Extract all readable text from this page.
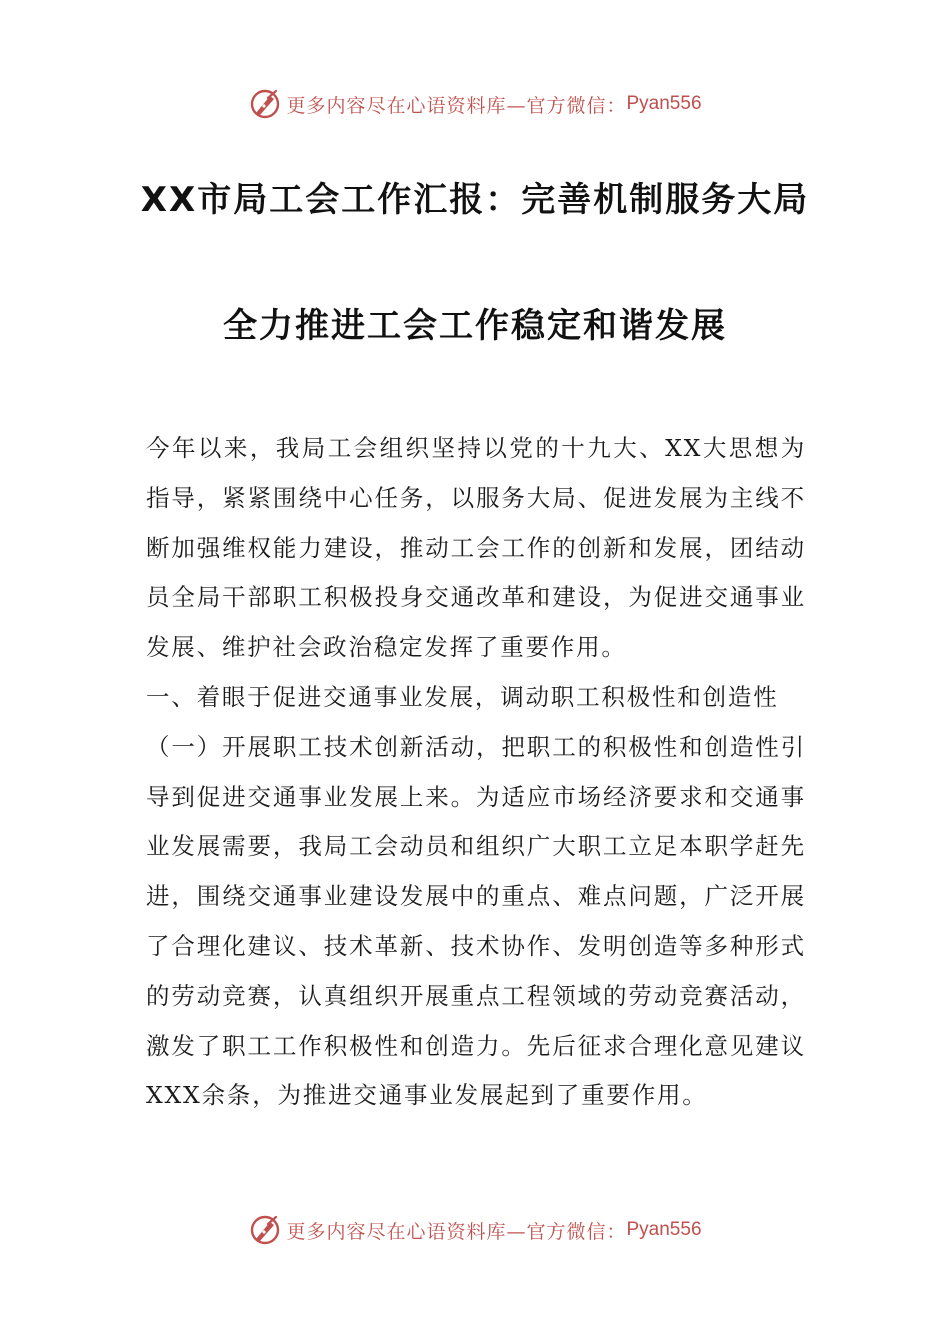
更多内容尽在心语资料库—官方微信： Pyan556
XX市局工会工作汇报：完善机制服务大局
全力推进工会工作稳定和谐发展

今年以来，我局工会组织坚持以党的十九大、XX大思想为指导，紧紧围绕中心任务，以服务大局、促进发展为主线不断加强维权能力建设，推动工会工作的创新和发展，团结动员全局干部职工积极投身交通改革和建设，为促进交通事业发展、维护社会政治稳定发挥了重要作用。

一、着眼于促进交通事业发展，调动职工积极性和创造性

（一）开展职工技术创新活动，把职工的积极性和创造性引导到促进交通事业发展上来。为适应市场经济要求和交通事业发展需要，我局工会动员和组织广大职工立足本职学赶先进，围绕交通事业建设发展中的重点、难点问题，广泛开展了合理化建议、技术革新、技术协作、发明创造等多种形式的劳动竞赛，认真组织开展重点工程领域的劳动竞赛活动，激发了职工工作积极性和创造力。先后征求合理化意见建议XXX余条，为推进交通事业发展起到了重要作用。

更多内容尽在心语资料库—官方微信： Pyan556
